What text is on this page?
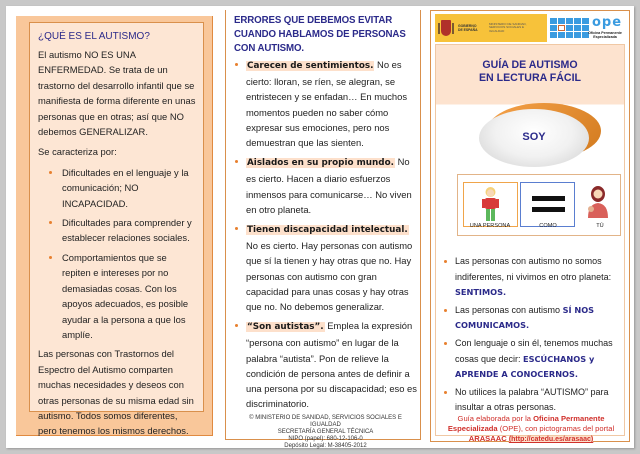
¿QUÉ ES EL AUTISMO?

El autismo NO ES UNA ENFERMEDAD. Se trata de un trastorno del desarrollo infantil que se manifiesta de forma diferente en unas personas que en otras; así que NO debemos GENERALIZAR.

Se caracteriza por:

Dificultades en el lenguaje y la comunicación; NO INCAPACIDAD.
Dificultades para comprender y establecer relaciones sociales.
Comportamientos que se repiten e intereses por no demasiadas cosas. Con los apoyos adecuados, es posible ayudar a la persona a que los amplíe.

Las personas con Trastornos del Espectro del Autismo comparten muchas necesidades y deseos con otras personas de su misma edad sin autismo. Todos somos diferentes, pero tenemos los mismos derechos.

ERRORES QUE DEBEMOS EVITAR CUANDO HABLAMOS DE PERSONAS CON AUTISMO.
Carecen de sentimientos. No es cierto: lloran, se ríen, se alegran, se entristecen y se enfadan… En muchos momentos pueden no saber cómo expresar sus emociones, pero nos demuestran que las sienten.
Aislados en su propio mundo. No es cierto. Hacen a diario esfuerzos inmensos para comunicarse… No viven en otro planeta.
Tienen discapacidad intelectual. No es cierto. Hay personas con autismo que sí la tienen y hay otras que no. Hay personas con autismo con gran capacidad para unas cosas y hay otras que no. No debemos generalizar.
“Son autistas”. Emplea la expresión “persona con autismo” en lugar de la palabra “autista”. Pon de relieve la condición de persona antes de definir a una persona por su discapacidad; eso es discriminatorio.
© MINISTERIO DE SANIDAD, SERVICIOS SOCIALES E IGUALDAD
SECRETARÍA GENERAL TÉCNICA
NIPO (papel): 680-12-106-0
Depósito Legal: M-38405-2012
GOBIERNO DE ESPAÑA
MINISTERIO DE SANIDAD, SERVICIOS SOCIALES E IGUALDAD
ope
Oficina Permanente Especializada
GUÍA DE AUTISMO
EN LECTURA FÁCIL
SOY
UNA PERSONA	COMO	TÚ
Las personas con autismo no somos indiferentes, ni vivimos en otro planeta: SENTIMOS.
Las personas con autismo SÍ NOS COMUNICAMOS.
Con lenguaje o sin él, tenemos muchas cosas que decir: ESCÚCHANOS y APRENDE A CONOCERNOS.
No utilices la palabra “AUTISMO” para insultar a otras personas.
Guía elaborada por la Oficina Permanente Especializada (OPE), con pictogramas del portal ARASAAC (http://catedu.es/arasaac)
